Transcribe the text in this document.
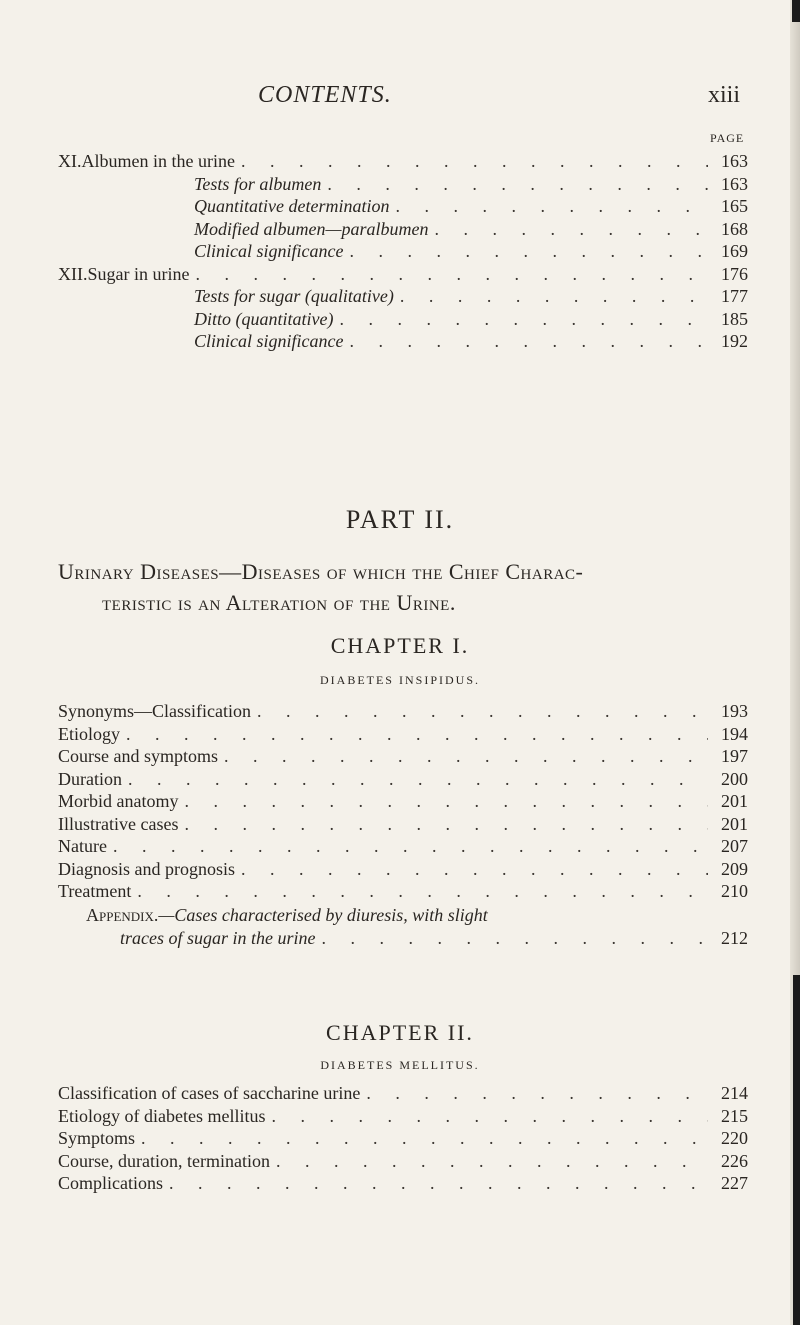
CONTENTS.	xiii
PAGE
XI. Albumen in the urine . . .	163
Tests for albumen . . .	163
Quantitative determination . . .	165
Modified albumen—paralbumen . . .	168
Clinical significance . . .	169
XII. Sugar in urine . . .	176
Tests for sugar (qualitative) . . .	177
Ditto (quantitative) . . .	185
Clinical significance . . .	192
PART II.
Urinary Diseases—Diseases of which the Chief Charac-
teristic is an Alteration of the Urine.
CHAPTER I.
DIABETES INSIPIDUS.
Synonyms—Classification . . .	193
Etiology . . .	194
Course and symptoms . . .	197
Duration . . .	200
Morbid anatomy . . .	201
Illustrative cases . . .	201
Nature . . .	207
Diagnosis and prognosis . . .	209
Treatment . . .	210
Appendix.—Cases characterised by diuresis, with slight
traces of sugar in the urine . . .	212
CHAPTER II.
DIABETES MELLITUS.
Classification of cases of saccharine urine . . .	214
Etiology of diabetes mellitus . . .	215
Symptoms . . .	220
Course, duration, termination . . .	226
Complications . . .	227
